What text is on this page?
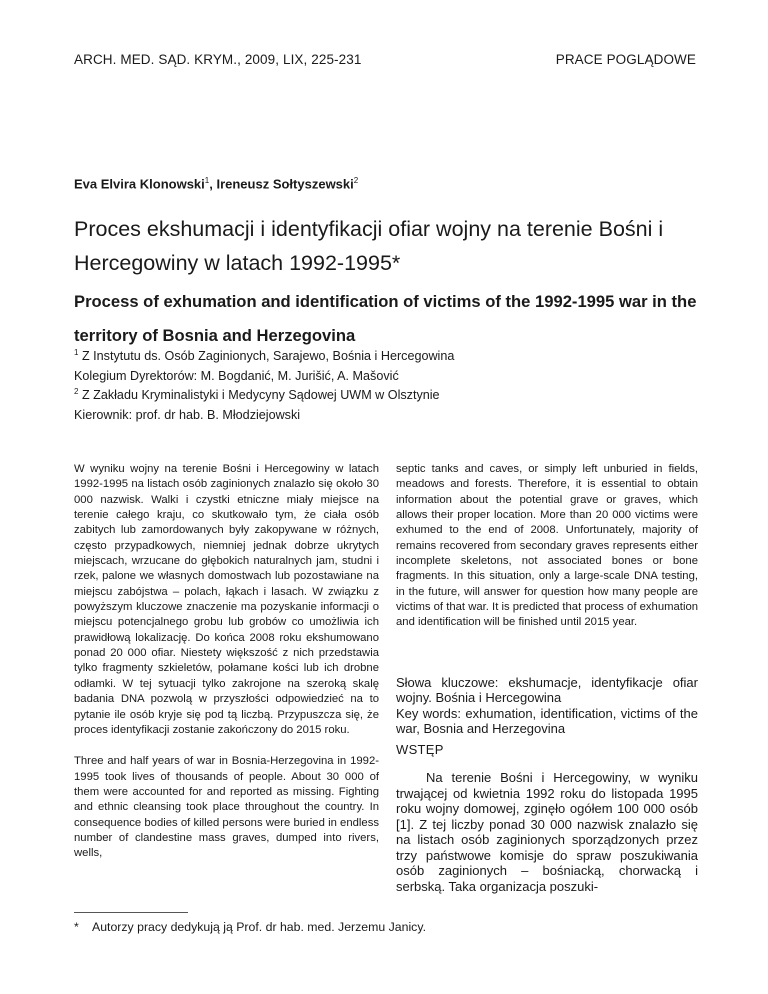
ARCH. MED. SĄD. KRYM., 2009, LIX, 225-231	PRACE POGLĄDOWE
Eva Elvira Klonowski$^1$, Ireneusz Sołtyszewski$^2$
Proces ekshumacji i identyfikacji ofiar wojny na terenie Bośni i Hercegowiny w latach 1992-1995*
Process of exhumation and identification of victims of the 1992-1995 war in the territory of Bosnia and Herzegovina
$^1$ Z Instytutu ds. Osób Zaginionych, Sarajewo, Bośnia i Hercegowina
Kolegium Dyrektorów: M. Bogdanić, M. Jurišić, A. Mašović
$^2$ Z Zakładu Kryminalistyki i Medycyny Sądowej UWM w Olsztynie
Kierownik: prof. dr hab. B. Młodziejowski

W wyniku wojny na terenie Bośni i Hercegowiny w latach 1992-1995 na listach osób zaginionych znalazło się około 30 000 nazwisk. Walki i czystki etniczne miały miejsce na terenie całego kraju, co skutkowało tym, że ciała osób zabitych lub zamordowanych były zakopywane w różnych, często przypadkowych, niemniej jednak dobrze ukrytych miejscach, wrzucane do głębokich naturalnych jam, studni i rzek, palone we własnych domostwach lub pozostawiane na miejscu zabójstwa – polach, łąkach i lasach. W związku z powyższym kluczowe znaczenie ma pozyskanie informacji o miejscu potencjalnego grobu lub grobów co umożliwia ich prawidłową lokalizację. Do końca 2008 roku ekshumowano ponad 20 000 ofiar. Niestety większość z nich przedstawia tylko fragmenty szkieletów, połamane kości lub ich drobne odłamki. W tej sytuacji tylko zakrojone na szeroką skalę badania DNA pozwolą w przyszłości odpowiedzieć na to pytanie ile osób kryje się pod tą liczbą. Przypuszcza się, że proces identyfikacji zostanie zakończony do 2015 roku.

Three and half years of war in Bosnia-Herzegovina in 1992-1995 took lives of thousands of people. About 30 000 of them were accounted for and reported as missing. Fighting and ethnic cleansing took place throughout the country. In consequence bodies of killed persons were buried in endless number of clandestine mass graves, dumped into rivers, wells,

septic tanks and caves, or simply left unburied in fields, meadows and forests. Therefore, it is essential to obtain information about the potential grave or graves, which allows their proper location. More than 20 000 victims were exhumed to the end of 2008. Unfortunately, majority of remains recovered from secondary graves represents either incomplete skeletons, not associated bones or bone fragments. In this situation, only a large-scale DNA testing, in the future, will answer for question how many people are victims of that war. It is predicted that process of exhumation and identification will be finished until 2015 year.

Słowa kluczowe: ekshumacje, identyfikacje ofiar wojny. Bośnia i Hercegowina

Key words: exhumation, identification, victims of the war, Bosnia and Herzegovina

WSTĘP

Na terenie Bośni i Hercegowiny, w wyniku trwającej od kwietnia 1992 roku do listopada 1995 roku wojny domowej, zginęło ogółem 100 000 osób [1]. Z tej liczby ponad 30 000 nazwisk znalazło się na listach osób zaginionych sporządzonych przez trzy państwowe komisje do spraw poszukiwania osób zaginionych – bośniacką, chorwacką i serbską. Taka organizacja poszuki-

* Autorzy pracy dedykują ją Prof. dr hab. med. Jerzemu Janicy.
